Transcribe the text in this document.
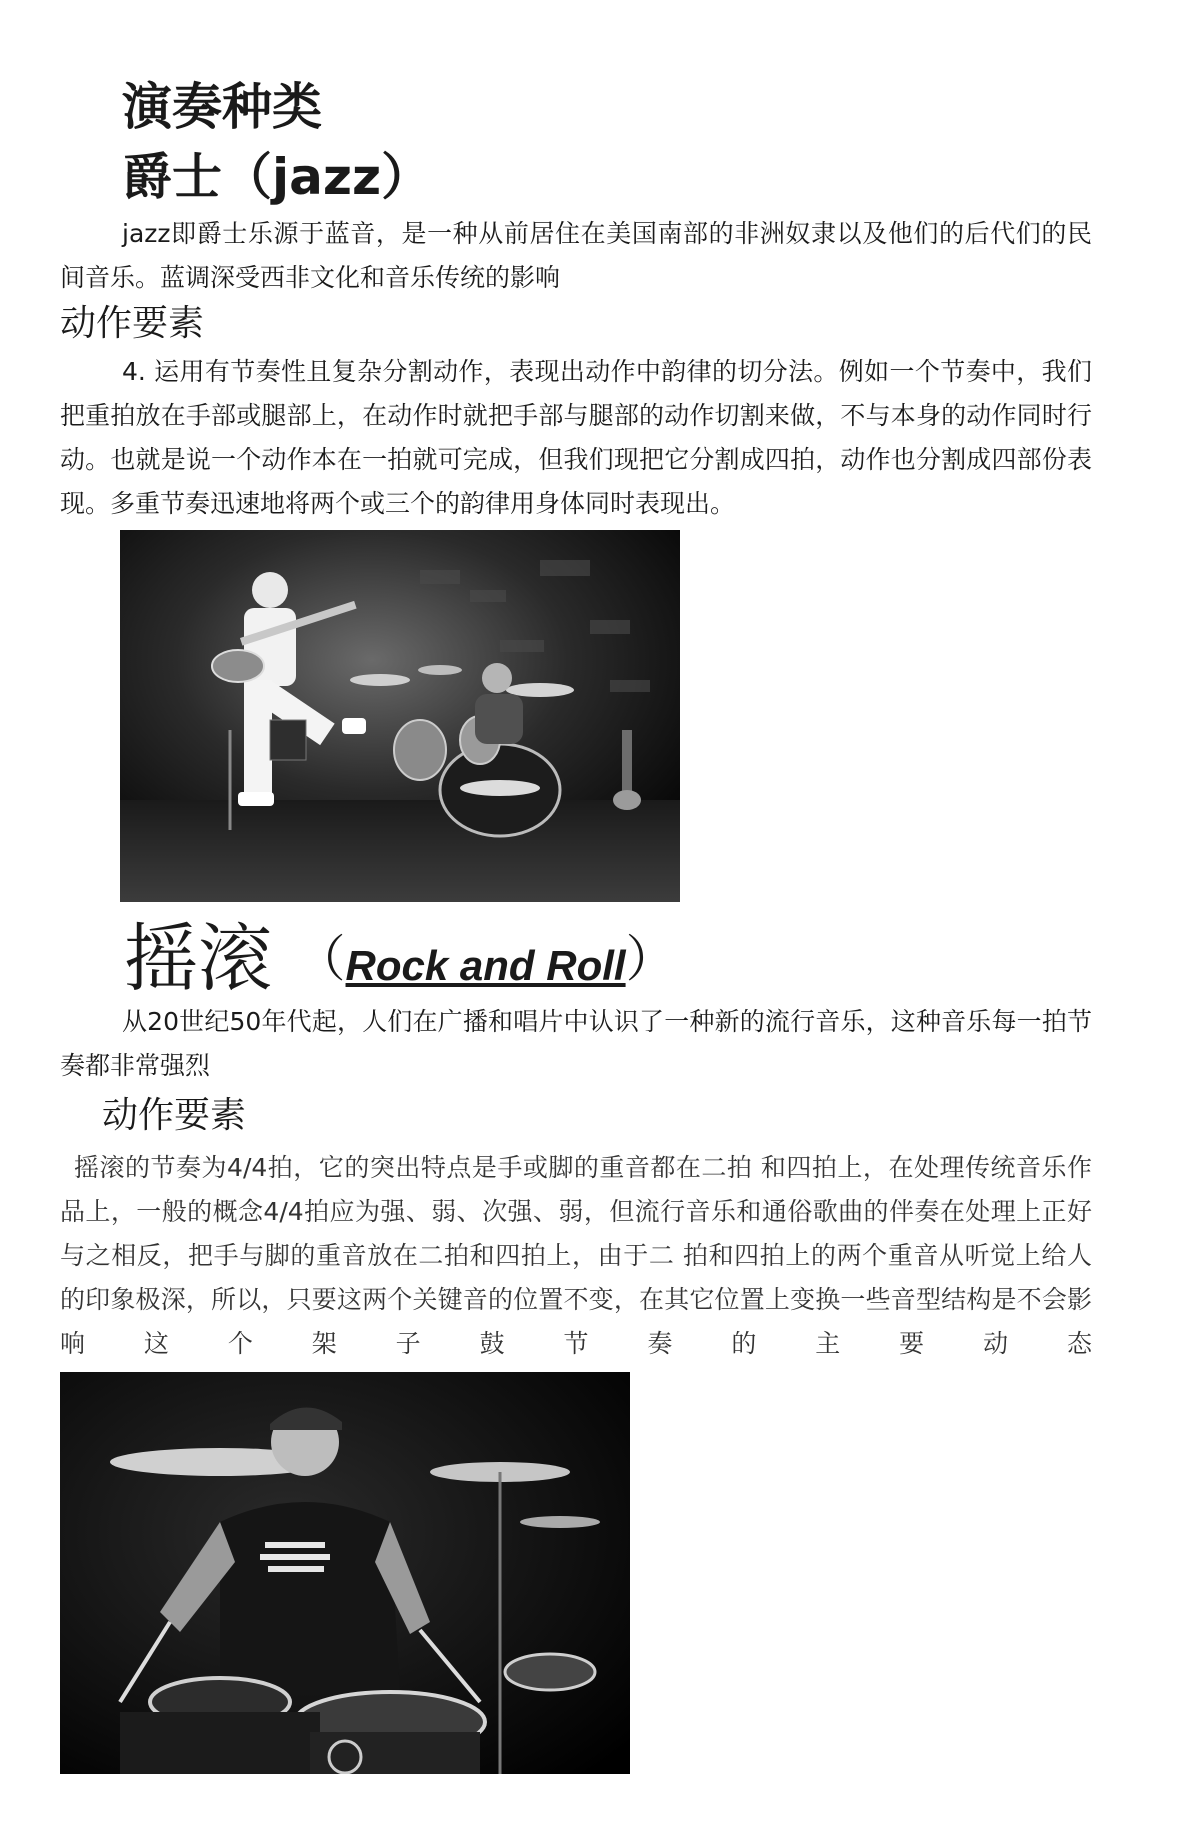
演奏种类
爵士（jazz）
jazz即爵士乐源于蓝音，是一种从前居住在美国南部的非洲奴隶以及他们的后代们的民间音乐。蓝调深受西非文化和音乐传统的影响
动作要素
4. 运用有节奏性且复杂分割动作，表现出动作中韵律的切分法。例如一个节奏中，我们把重拍放在手部或腿部上，在动作时就把手部与腿部的动作切割来做，不与本身的动作同时行动。也就是说一个动作本在一拍就可完成，但我们现把它分割成四拍，动作也分割成四部份表现。多重节奏迅速地将两个或三个的韵律用身体同时表现出。
摇滚 （Rock and Roll）
从20世纪50年代起，人们在广播和唱片中认识了一种新的流行音乐，这种音乐每一拍节奏都非常强烈
动作要素
摇滚的节奏为4/4拍，它的突出特点是手或脚的重音都在二拍 和四拍上，在处理传统音乐作品上，一般的概念4/4拍应为强、弱、次强、弱，但流行音乐和通俗歌曲的伴奏在处理上正好与之相反，把手与脚的重音放在二拍和四拍上，由于二 拍和四拍上的两个重音从听觉上给人的印象极深，所以，只要这两个关键音的位置不变，在其它位置上变换一些音型结构是不会影响这个架子鼓节奏的主要动态
